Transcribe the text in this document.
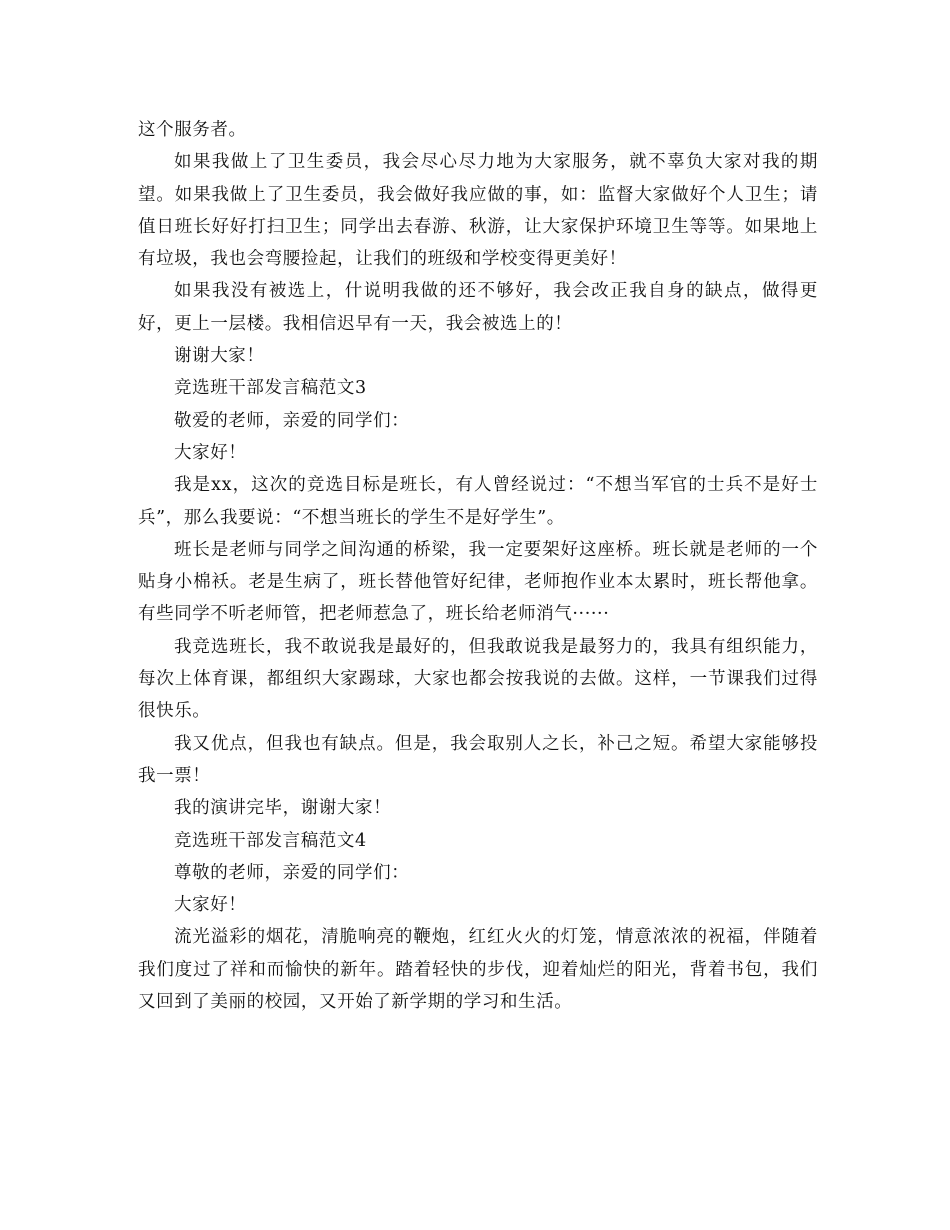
这个服务者。

如果我做上了卫生委员，我会尽心尽力地为大家服务，就不辜负大家对我的期望。如果我做上了卫生委员，我会做好我应做的事，如：监督大家做好个人卫生；请值日班长好好打扫卫生；同学出去春游、秋游，让大家保护环境卫生等等。如果地上有垃圾，我也会弯腰捡起，让我们的班级和学校变得更美好！

如果我没有被选上，什说明我做的还不够好，我会改正我自身的缺点，做得更好，更上一层楼。我相信迟早有一天，我会被选上的！

谢谢大家！

竞选班干部发言稿范文3

敬爱的老师，亲爱的同学们：

大家好！

我是xx，这次的竞选目标是班长，有人曾经说过：“不想当军官的士兵不是好士兵”，那么我要说：“不想当班长的学生不是好学生”。

班长是老师与同学之间沟通的桥梁，我一定要架好这座桥。班长就是老师的一个贴身小棉袄。老是生病了，班长替他管好纪律，老师抱作业本太累时，班长帮他拿。有些同学不听老师管，把老师惹急了，班长给老师消气······

我竞选班长，我不敢说我是最好的，但我敢说我是最努力的，我具有组织能力，每次上体育课，都组织大家踢球，大家也都会按我说的去做。这样，一节课我们过得很快乐。

我又优点，但我也有缺点。但是，我会取别人之长，补己之短。希望大家能够投我一票！

我的演讲完毕，谢谢大家！

竞选班干部发言稿范文4

尊敬的老师，亲爱的同学们：

大家好！

流光溢彩的烟花，清脆响亮的鞭炮，红红火火的灯笼，情意浓浓的祝福，伴随着我们度过了祥和而愉快的新年。踏着轻快的步伐，迎着灿烂的阳光，背着书包，我们又回到了美丽的校园，又开始了新学期的学习和生活。
